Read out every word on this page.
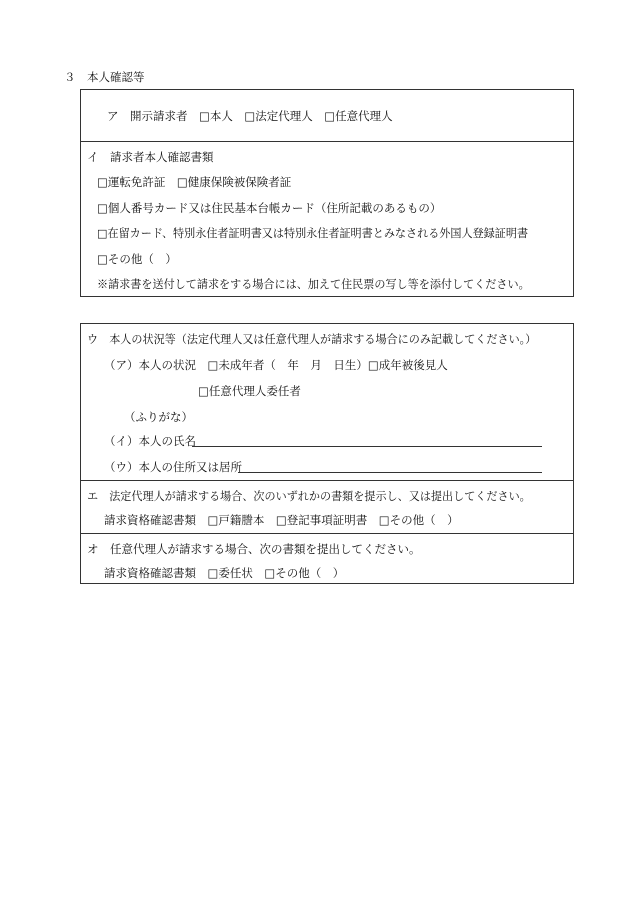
３　本人確認等
ア　開示請求者　□本人　□法定代理人　□任意代理人
イ　請求者本人確認書類
□運転免許証　□健康保険被保険者証
□個人番号カード又は住民基本台帳カード（住所記載のあるもの）
□在留カード、特別永住者証明書又は特別永住者証明書とみなされる外国人登録証明書
□その他（　）
※請求書を送付して請求をする場合には、加えて住民票の写し等を添付してください。
ウ　本人の状況等（法定代理人又は任意代理人が請求する場合にのみ記載してください。）
（ア）本人の状況　□未成年者（　年　月　日生）□成年被後見人
□任意代理人委任者
（ふりがな）
（イ）本人の氏名
（ウ）本人の住所又は居所
エ　法定代理人が請求する場合、次のいずれかの書類を提示し、又は提出してください。
請求資格確認書類　□戸籍謄本　□登記事項証明書　□その他（　）
オ　任意代理人が請求する場合、次の書類を提出してください。
請求資格確認書類　□委任状　□その他（　）
